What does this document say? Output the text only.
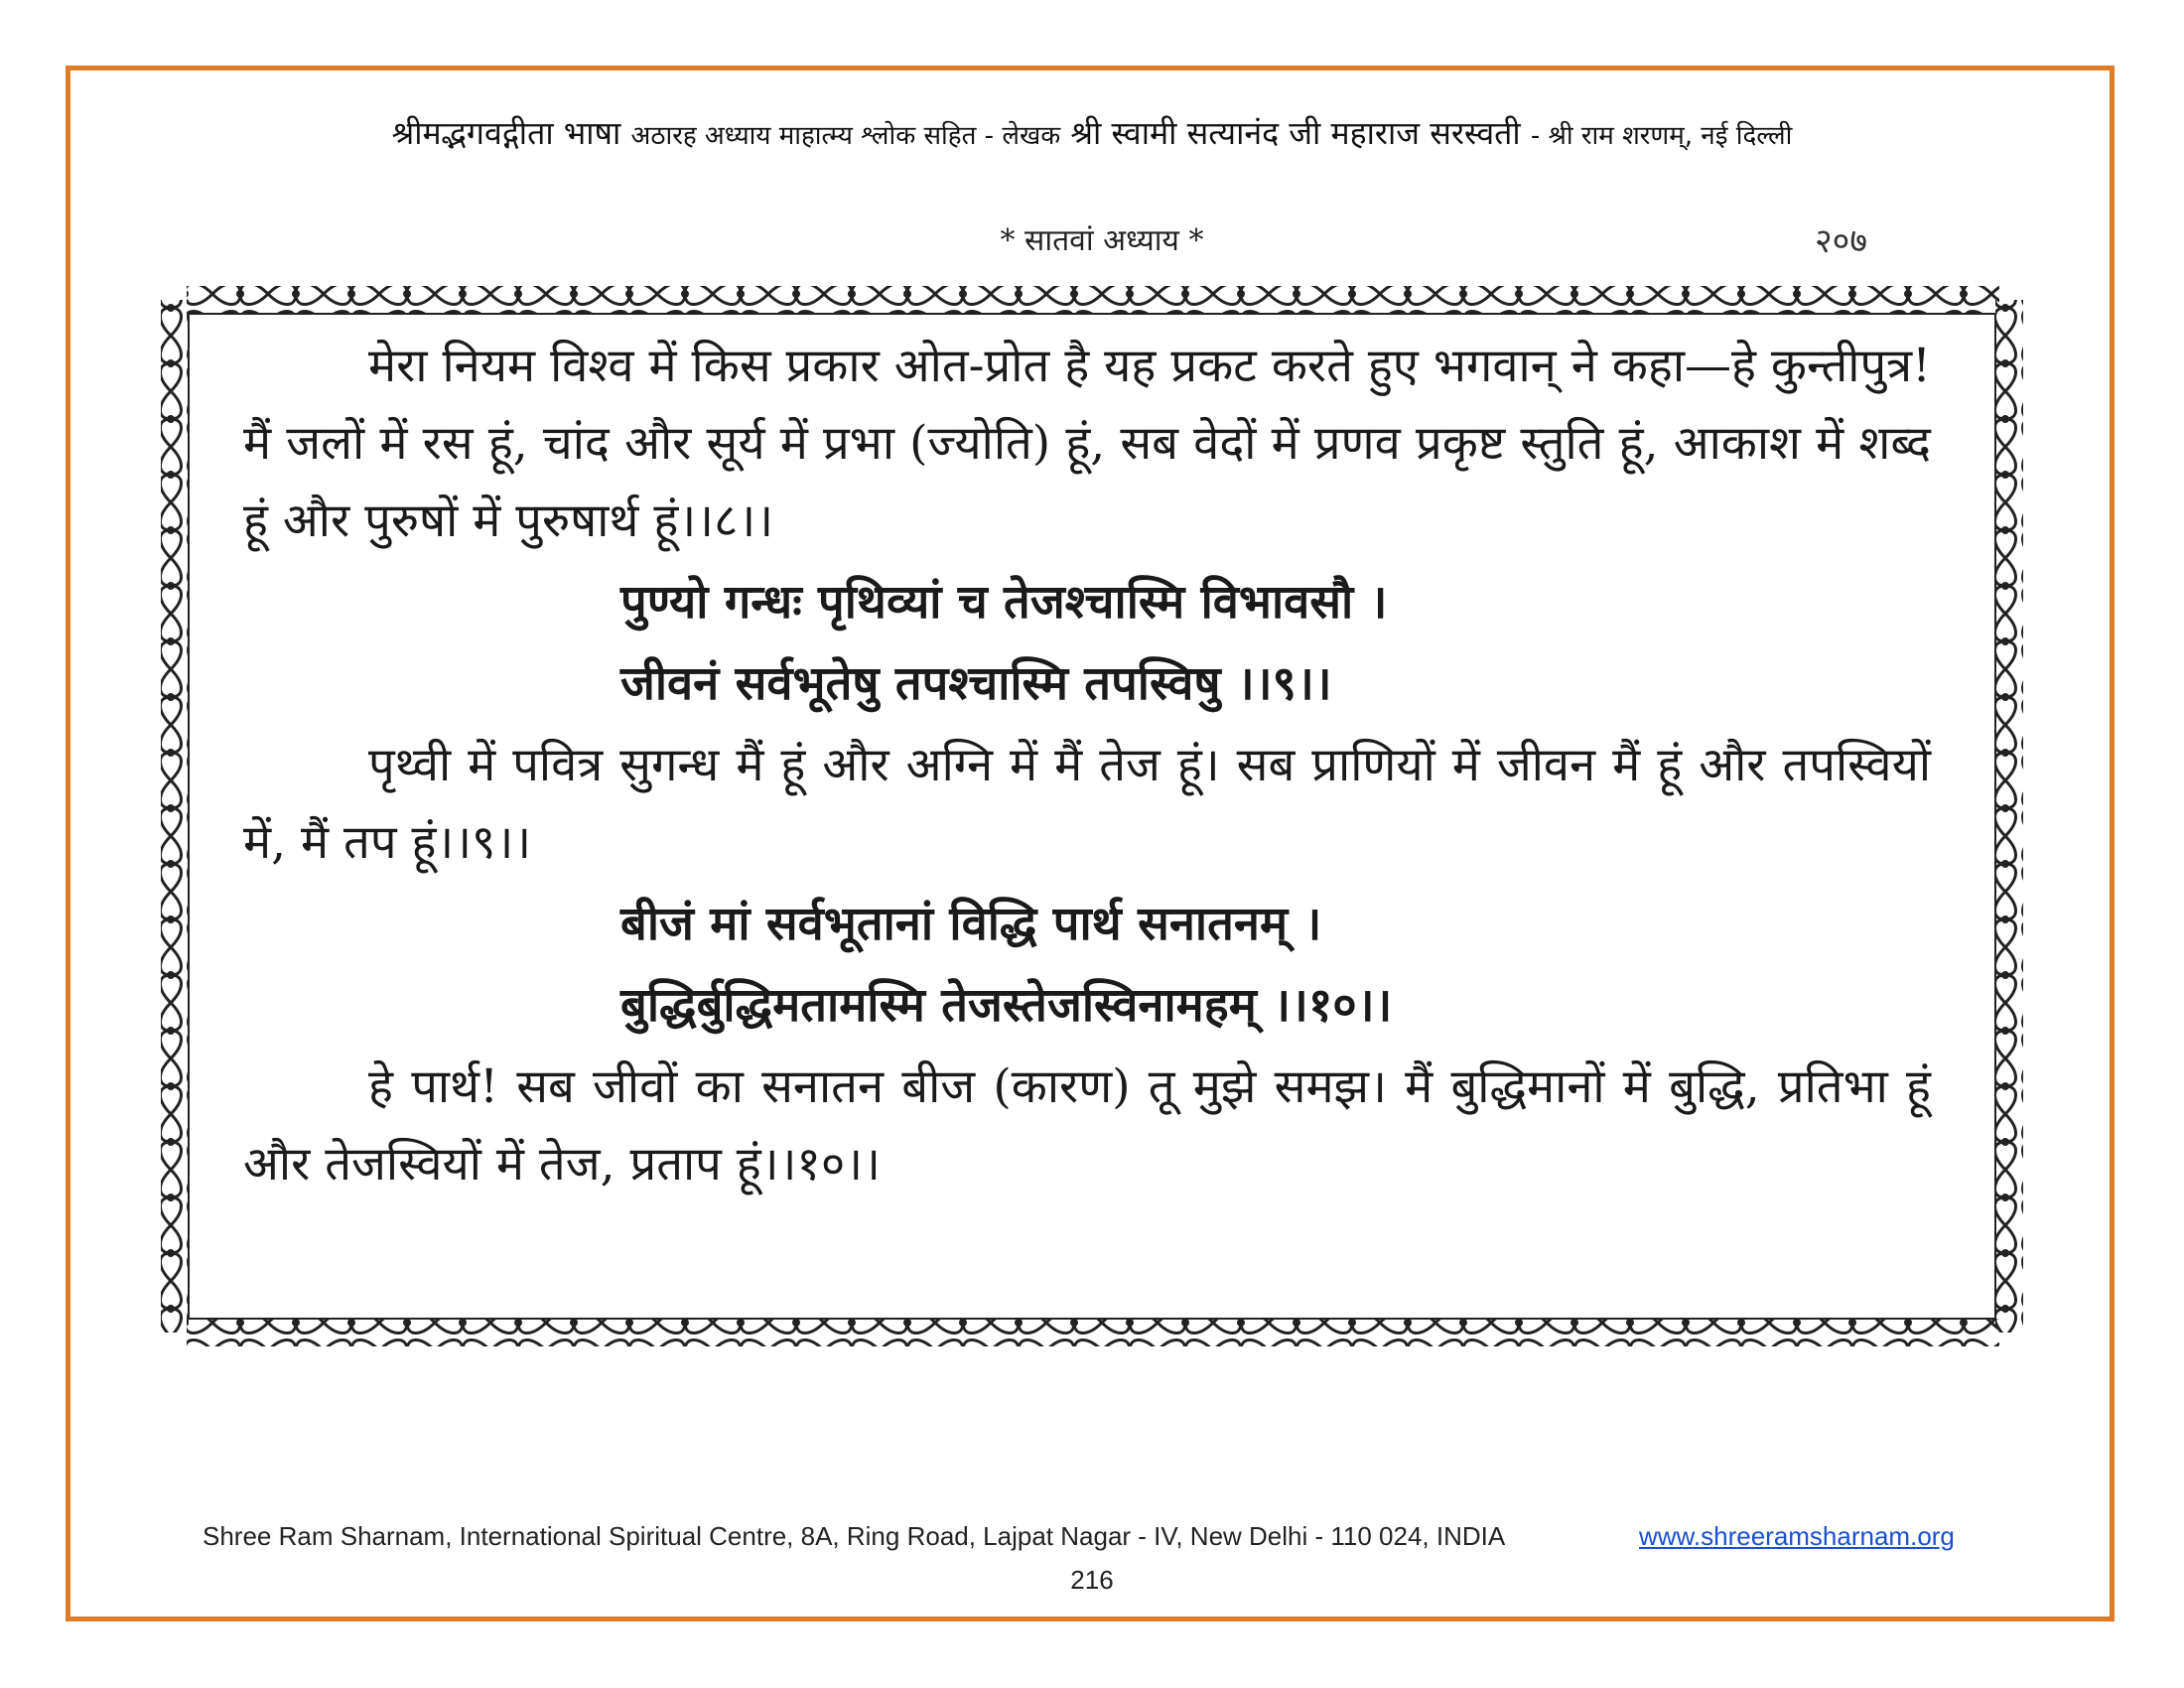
श्रीमद्भगवद्गीता भाषा अठारह अध्याय माहात्म्य श्लोक सहित - लेखक श्री स्वामी सत्यानंद जी महाराज सरस्वती - श्री राम शरणम्, नई दिल्ली
* सातवां अध्याय *	२०७

मेरा नियम विश्व में किस प्रकार ओत-प्रोत है यह प्रकट करते हुए भगवान् ने कहा—हे कुन्तीपुत्र! मैं जलों में रस हूं, चांद और सूर्य में प्रभा (ज्योति) हूं, सब वेदों में प्रणव प्रकृष्ट स्तुति हूं, आकाश में शब्द हूं और पुरुषों में पुरुषार्थ हूं।।८।।

पुण्यो गन्धः पृथिव्यां च तेजश्चास्मि विभावसौ ।
जीवनं सर्वभूतेषु तपश्चास्मि तपस्विषु ।।९।।

पृथ्वी में पवित्र सुगन्ध मैं हूं और अग्नि में मैं तेज हूं। सब प्राणियों में जीवन मैं हूं और तपस्वियों में, मैं तप हूं।।९।।

बीजं मां सर्वभूतानां विद्धि पार्थ सनातनम् ।
बुद्धिर्बुद्धिमतामस्मि तेजस्तेजस्विनामहम् ।।१०।।

हे पार्थ! सब जीवों का सनातन बीज (कारण) तू मुझे समझ। मैं बुद्धिमानों में बुद्धि, प्रतिभा हूं और तेजस्वियों में तेज, प्रताप हूं।।१०।।

Shree Ram Sharnam, International Spiritual Centre, 8A, Ring Road, Lajpat Nagar - IV, New Delhi - 110 024, INDIA	www.shreeramsharnam.org
216
